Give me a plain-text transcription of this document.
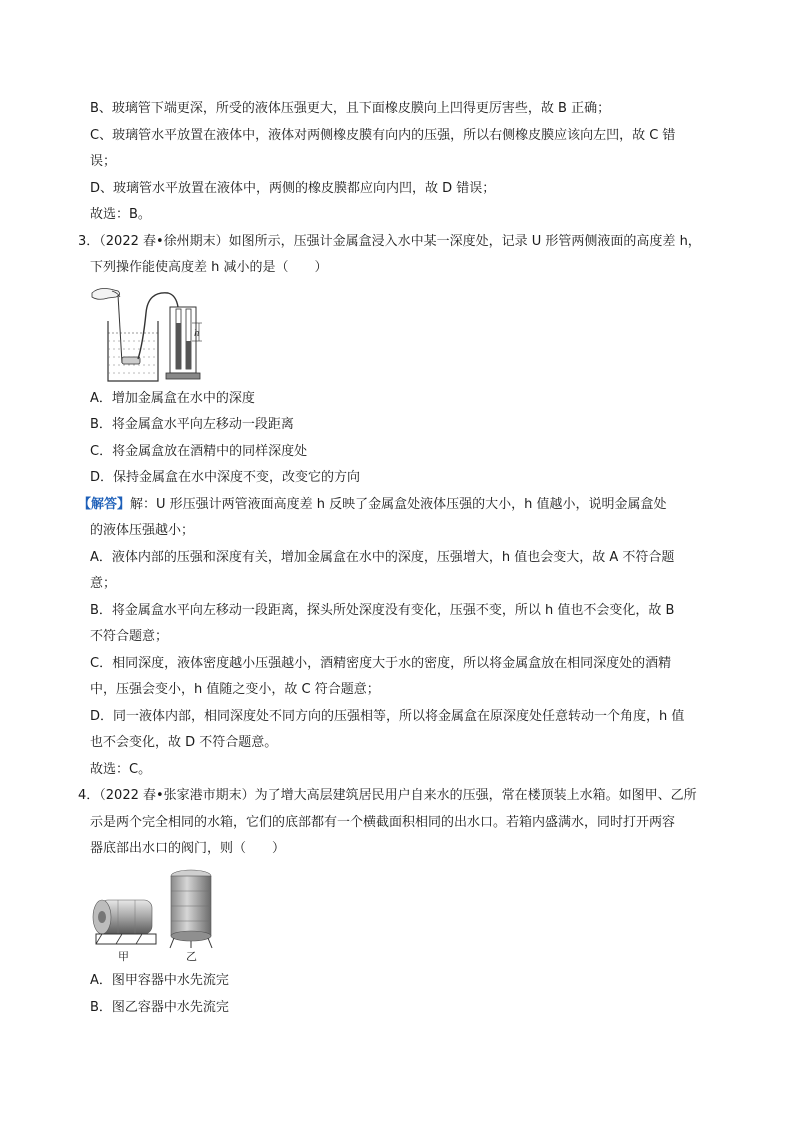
B、玻璃管下端更深，所受的液体压强更大，且下面橡皮膜向上凹得更厉害些，故 B 正确；
C、玻璃管水平放置在液体中，液体对两侧橡皮膜有向内的压强，所以右侧橡皮膜应该向左凹，故 C 错
误；
D、玻璃管水平放置在液体中，两侧的橡皮膜都应向内凹，故 D 错误；
故选：B。
3．（2022 春•徐州期末）如图所示，压强计金属盒浸入水中某一深度处，记录 U 形管两侧液面的高度差 h，
下列操作能使高度差 h 减小的是（　　）
h
A．增加金属盒在水中的深度
B．将金属盒水平向左移动一段距离
C．将金属盒放在酒精中的同样深度处
D．保持金属盒在水中深度不变，改变它的方向
【解答】解：U 形压强计两管液面高度差 h 反映了金属盒处液体压强的大小，h 值越小，说明金属盒处
的液体压强越小；
A．液体内部的压强和深度有关，增加金属盒在水中的深度，压强增大，h 值也会变大，故 A 不符合题
意；
B．将金属盒水平向左移动一段距离，探头所处深度没有变化，压强不变，所以 h 值也不会变化，故 B
不符合题意；
C．相同深度，液体密度越小压强越小，酒精密度大于水的密度，所以将金属盒放在相同深度处的酒精
中，压强会变小，h 值随之变小，故 C 符合题意；
D．同一液体内部，相同深度处不同方向的压强相等，所以将金属盒在原深度处任意转动一个角度，h 值
也不会变化，故 D 不符合题意。
故选：C。
4．（2022 春•张家港市期末）为了增大高层建筑居民用户自来水的压强，常在楼顶装上水箱。如图甲、乙所
示是两个完全相同的水箱，它们的底部都有一个横截面积相同的出水口。若箱内盛满水，同时打开两容
器底部出水口的阀门，则（　　）
甲	乙
A．图甲容器中水先流完
B．图乙容器中水先流完
